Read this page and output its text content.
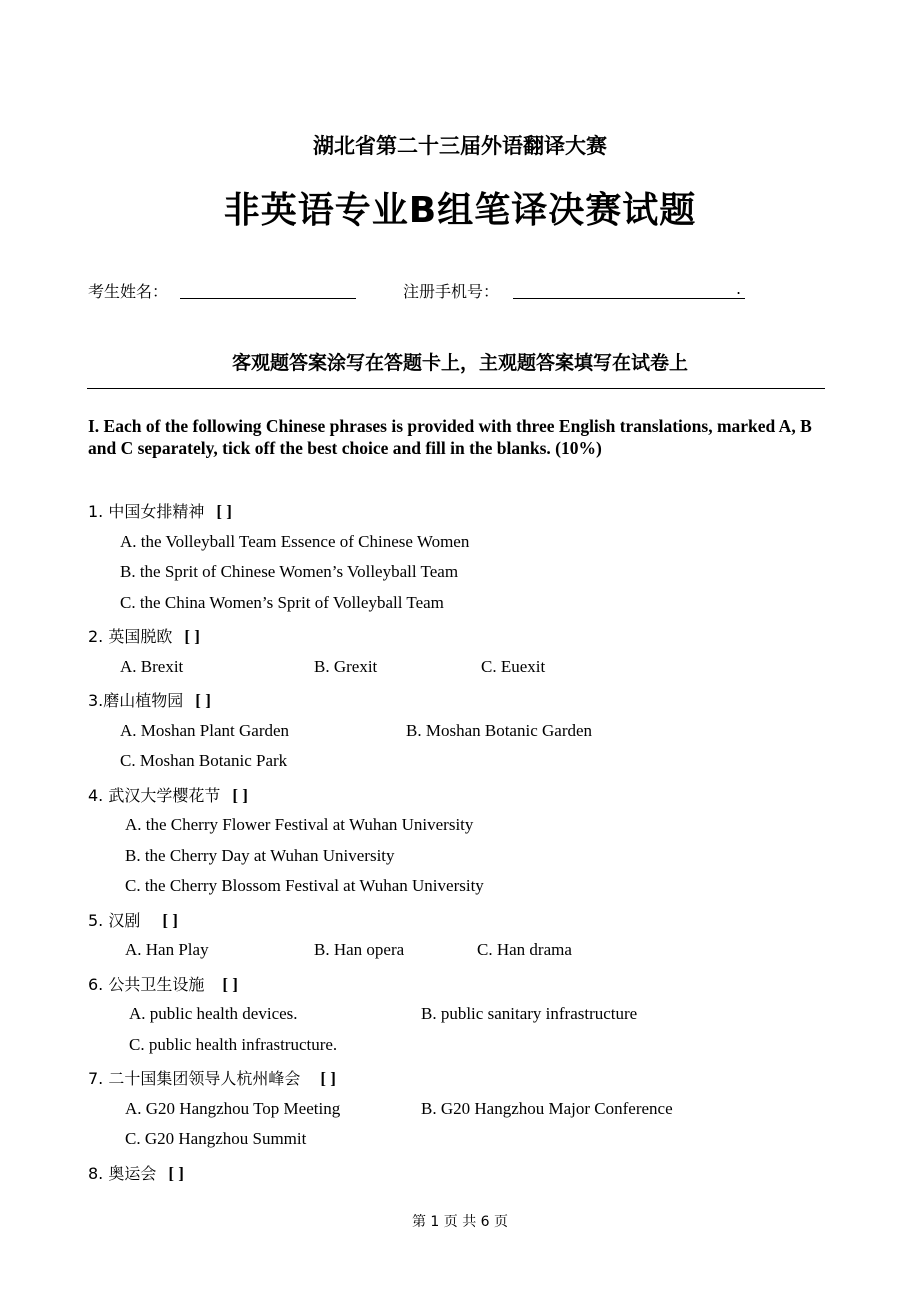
湖北省第二十三届外语翻译大赛
非英语专业B组笔译决赛试题
考生姓名：	注册手机号：	.
客观题答案涂写在答题卡上，主观题答案填写在试卷上
I. Each of the following Chinese phrases is provided with three English translations, marked A, B and C separately, tick off the best choice and fill in the blanks. (10%)
1. 中国女排精神 [ ]
A. the Volleyball Team Essence of Chinese Women
B. the Sprit of Chinese Women’s Volleyball Team
C. the China Women’s Sprit of Volleyball Team
2. 英国脱欧 [ ]
A. Brexit	B. Grexit	C. Euexit
3.磨山植物园 [ ]
A. Moshan Plant Garden	B. Moshan Botanic Garden
C. Moshan Botanic Park
4. 武汉大学樱花节 [ ]
A. the Cherry Flower Festival at Wuhan University
B. the Cherry Day at Wuhan University
C. the Cherry Blossom Festival at Wuhan University
5. 汉剧 [ ]
A. Han Play	B. Han opera	C. Han drama
6. 公共卫生设施 [ ]
A. public health devices.	B. public sanitary infrastructure
C. public health infrastructure.
7. 二十国集团领导人杭州峰会 [ ]
A. G20 Hangzhou Top Meeting	B. G20 Hangzhou Major Conference
C. G20 Hangzhou Summit
8. 奥运会 [ ]
第 1 页 共 6 页
